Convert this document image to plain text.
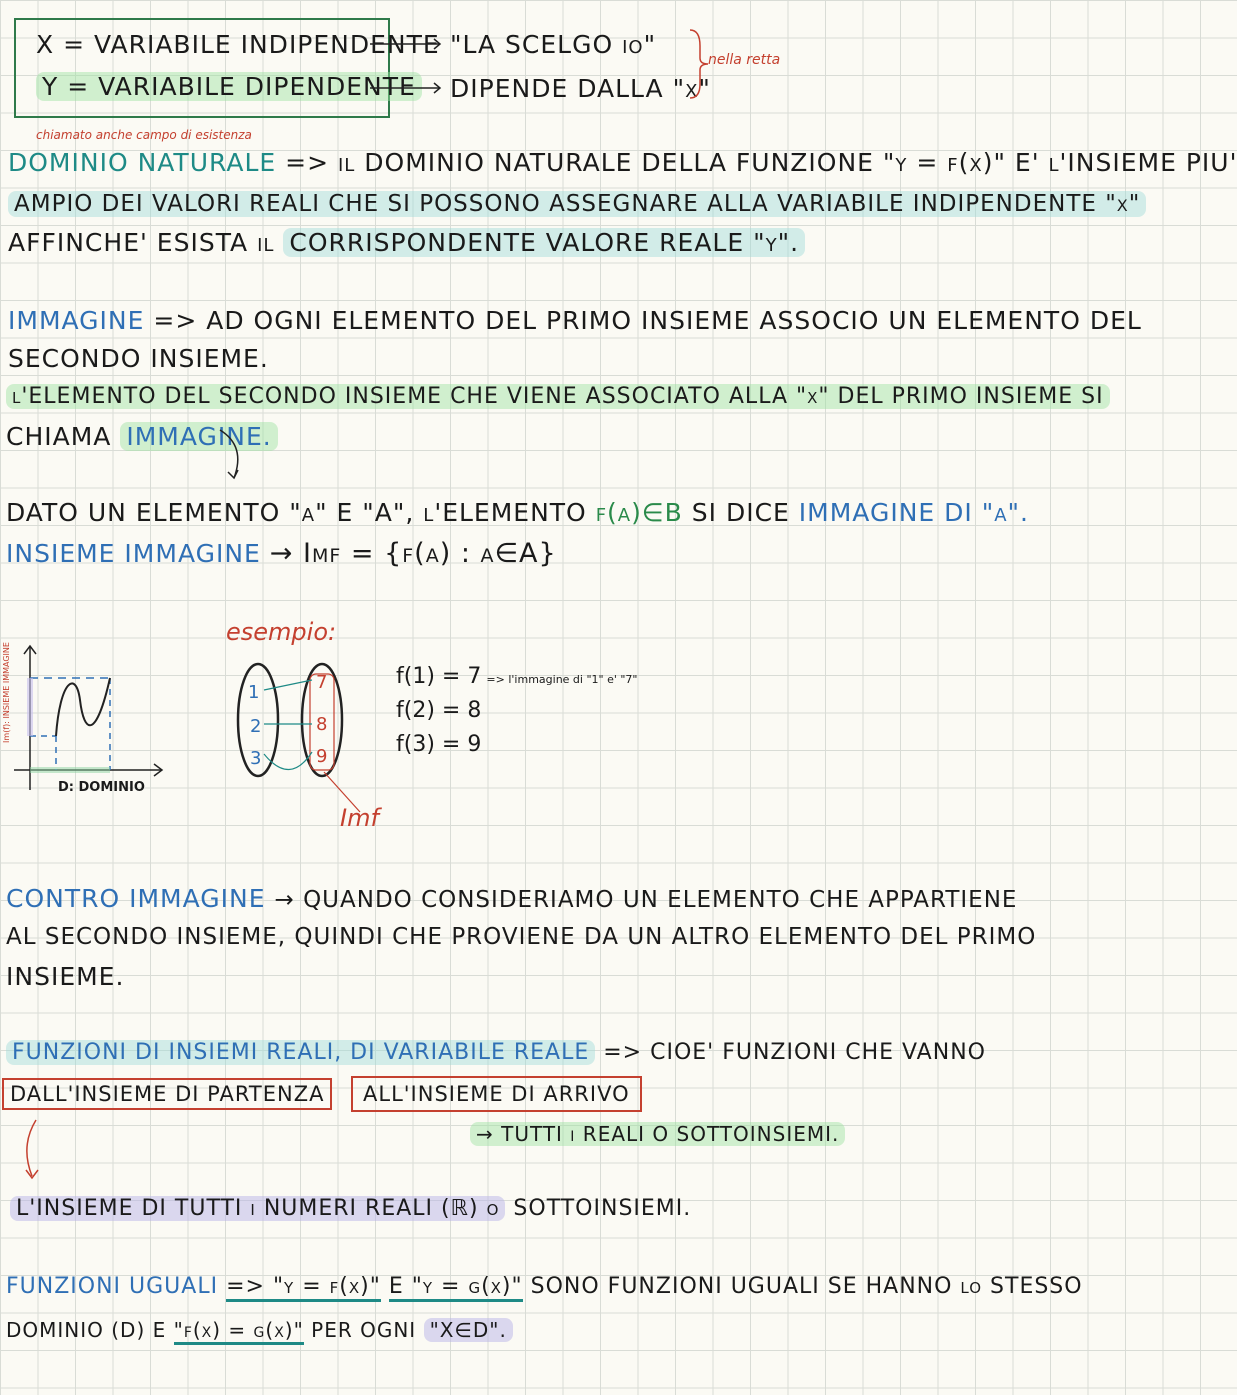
X = VARIABILE INDIPENDENTE
Y = VARIABILE DIPENDENTE
"LA SCELGO io"
DIPENDE DALLA "x"
nella retta
chiamato anche campo di esistenza
DOMINIO NATURALE => il DOMINIO NATURALE DELLA FUNZIONE "y = f(x)" E' l'INSIEME PIU'
AMPIO DEI VALORI REALI CHE SI POSSONO ASSEGNARE ALLA VARIABILE INDIPENDENTE "x"
AFFINCHE' ESISTA il CORRISPONDENTE VALORE REALE "y".
IMMAGINE => AD OGNI ELEMENTO DEL PRIMO INSIEME ASSOCIO UN ELEMENTO DEL
SECONDO INSIEME.
l'ELEMENTO DEL SECONDO INSIEME CHE VIENE ASSOCIATO ALLA "x" DEL PRIMO INSIEME SI
CHIAMA IMMAGINE.
DATO UN ELEMENTO "a" E "A", l'ELEMENTO f(a)∈B SI DICE IMMAGINE DI "a".
INSIEME IMMAGINE → Imf = {f(a) : a∈A}
esempio:
Im(f): INSIEME IMMAGINE
D: DOMINIO
1
2
3
7
8
9
Imf
f(1) = 7 => l'immagine di "1" e' "7"
f(2) = 8
f(3) = 9
CONTRO IMMAGINE → QUANDO CONSIDERIAMO UN ELEMENTO CHE APPARTIENE
AL SECONDO INSIEME, QUINDI CHE PROVIENE DA UN ALTRO ELEMENTO DEL PRIMO
INSIEME.
FUNZIONI DI INSIEMI REALI, DI VARIABILE REALE => CIOE' FUNZIONI CHE VANNO
DALL'INSIEME DI PARTENZA	ALL'INSIEME DI ARRIVO
→ TUTTI i REALI O SOTTOINSIEMI.
L'INSIEME DI TUTTI i NUMERI REALI (ℝ) o SOTTOINSIEMI.
FUNZIONI UGUALI => "y = f(x)" E "y = g(x)" SONO FUNZIONI UGUALI SE HANNO lo STESSO
DOMINIO (D) E "f(x) = g(x)" PER OGNI "X∈D".
